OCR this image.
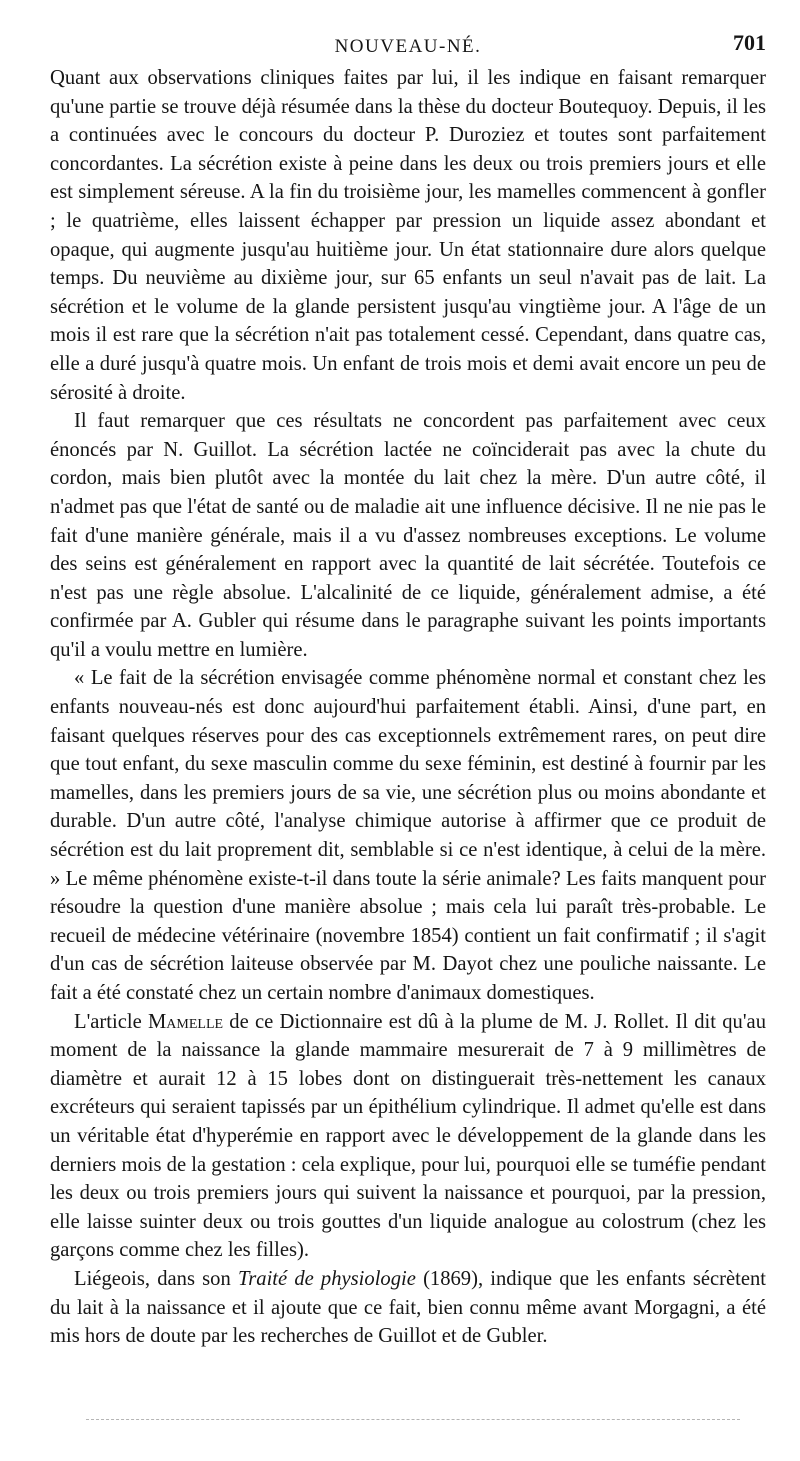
NOUVEAU-NÉ.	701

Quant aux observations cliniques faites par lui, il les indique en faisant remarquer qu'une partie se trouve déjà résumée dans la thèse du docteur Boutequoy. Depuis, il les a continuées avec le concours du docteur P. Duroziez et toutes sont parfaitement concordantes. La sécrétion existe à peine dans les deux ou trois premiers jours et elle est simplement séreuse. A la fin du troisième jour, les mamelles commencent à gonfler ; le quatrième, elles laissent échapper par pression un liquide assez abondant et opaque, qui augmente jusqu'au huitième jour. Un état stationnaire dure alors quelque temps. Du neuvième au dixième jour, sur 65 enfants un seul n'avait pas de lait. La sécrétion et le volume de la glande persistent jusqu'au vingtième jour. A l'âge de un mois il est rare que la sécrétion n'ait pas totalement cessé. Cependant, dans quatre cas, elle a duré jusqu'à quatre mois. Un enfant de trois mois et demi avait encore un peu de sérosité à droite.

Il faut remarquer que ces résultats ne concordent pas parfaitement avec ceux énoncés par N. Guillot. La sécrétion lactée ne coïnciderait pas avec la chute du cordon, mais bien plutôt avec la montée du lait chez la mère. D'un autre côté, il n'admet pas que l'état de santé ou de maladie ait une influence décisive. Il ne nie pas le fait d'une manière générale, mais il a vu d'assez nombreuses exceptions. Le volume des seins est généralement en rapport avec la quantité de lait sécrétée. Toutefois ce n'est pas une règle absolue. L'alcalinité de ce liquide, généralement admise, a été confirmée par A. Gubler qui résume dans le paragraphe suivant les points importants qu'il a voulu mettre en lumière.

« Le fait de la sécrétion envisagée comme phénomène normal et constant chez les enfants nouveau-nés est donc aujourd'hui parfaitement établi. Ainsi, d'une part, en faisant quelques réserves pour des cas exceptionnels extrêmement rares, on peut dire que tout enfant, du sexe masculin comme du sexe féminin, est destiné à fournir par les mamelles, dans les premiers jours de sa vie, une sécrétion plus ou moins abondante et durable. D'un autre côté, l'analyse chimique autorise à affirmer que ce produit de sécrétion est du lait proprement dit, semblable si ce n'est identique, à celui de la mère. » Le même phénomène existe-t-il dans toute la série animale? Les faits manquent pour résoudre la question d'une manière absolue ; mais cela lui paraît très-probable. Le recueil de médecine vétérinaire (novembre 1854) contient un fait confirmatif ; il s'agit d'un cas de sécrétion laiteuse observée par M. Dayot chez une pouliche naissante. Le fait a été constaté chez un certain nombre d'animaux domestiques.

L'article Mamelle de ce Dictionnaire est dû à la plume de M. J. Rollet. Il dit qu'au moment de la naissance la glande mammaire mesurerait de 7 à 9 millimètres de diamètre et aurait 12 à 15 lobes dont on distinguerait très-nettement les canaux excréteurs qui seraient tapissés par un épithélium cylindrique. Il admet qu'elle est dans un véritable état d'hyperémie en rapport avec le développement de la glande dans les derniers mois de la gestation : cela explique, pour lui, pourquoi elle se tuméfie pendant les deux ou trois premiers jours qui suivent la naissance et pourquoi, par la pression, elle laisse suinter deux ou trois gouttes d'un liquide analogue au colostrum (chez les garçons comme chez les filles).

Liégeois, dans son Traité de physiologie (1869), indique que les enfants sécrètent du lait à la naissance et il ajoute que ce fait, bien connu même avant Morgagni, a été mis hors de doute par les recherches de Guillot et de Gubler.
